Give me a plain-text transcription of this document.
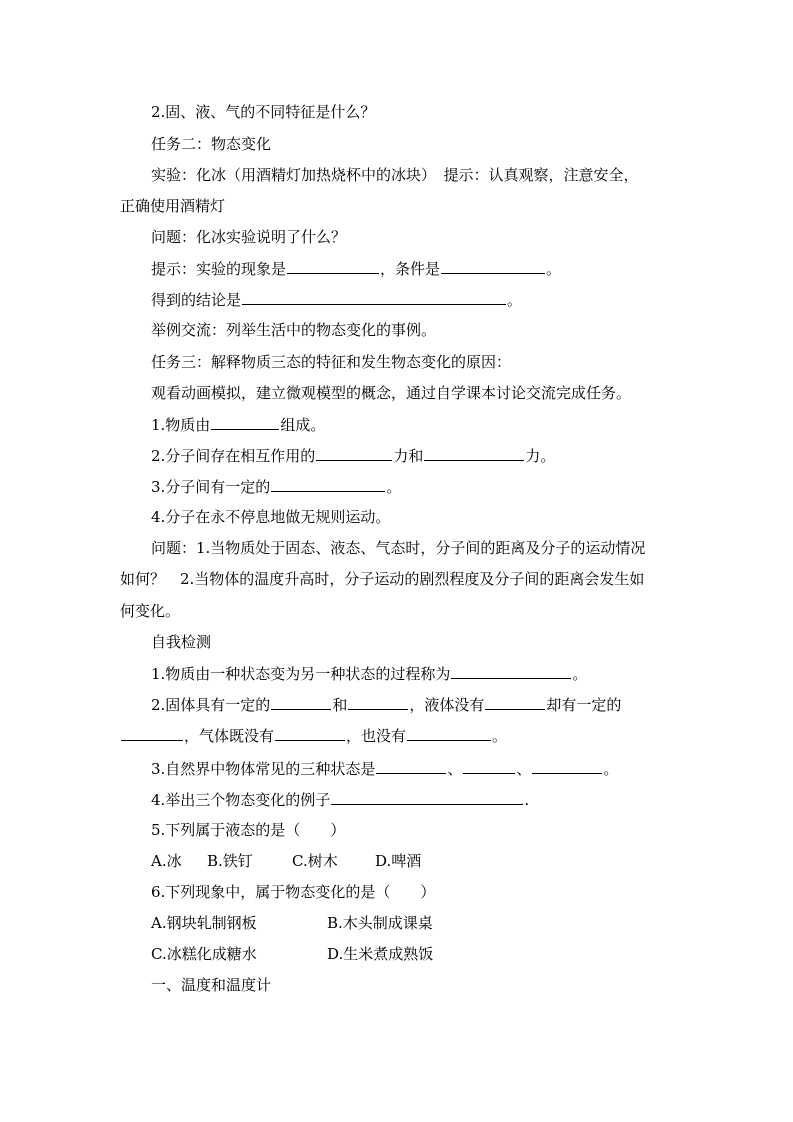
2.固、液、气的不同特征是什么？
任务二：物态变化
实验：化冰（用酒精灯加热烧杯中的冰块）　提示：认真观察，注意安全，
正确使用酒精灯
问题：化冰实验说明了什么？
提示：实验的现象是	，条件是	。
得到的结论是	。
举例交流：列举生活中的物态变化的事例。
任务三：解释物质三态的特征和发生物态变化的原因：
观看动画模拟，建立微观模型的概念，通过自学课本讨论交流完成任务。
1.物质由	组成。
2.分子间存在相互作用的	力和	力。
3.分子间有一定的	。
4.分子在永不停息地做无规则运动。
问题：1.当物质处于固态、液态、气态时，分子间的距离及分子的运动情况
如何？　2.当物体的温度升高时，分子运动的剧烈程度及分子间的距离会发生如
何变化。
自我检测
1.物质由一种状态变为另一种状态的过程称为	。
2.固体具有一定的	和	，液体没有	却有一定的
，气体既没有	，也没有	。
3.自然界中物体常见的三种状态是	、	、	。
4.举出三个物态变化的例子	.
5.下列属于液态的是（　　）
A.冰 B.铁钉	C.树木 D.啤酒
6.下列现象中，属于物态变化的是（　　）
A.钢块轧制钢板	B.木头制成课桌
C.冰糕化成糖水	D.生米煮成熟饭
一、温度和温度计
